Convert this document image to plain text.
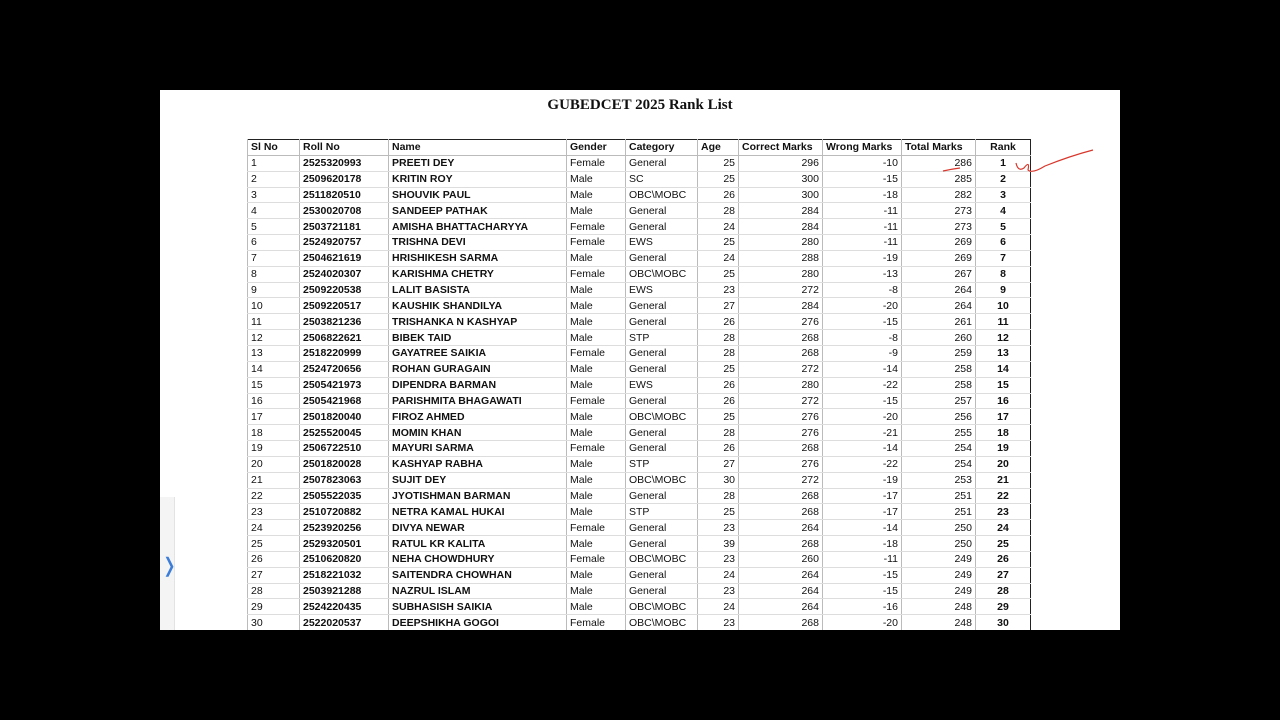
GUBEDCET 2025 Rank List
Sl No	Roll No	Name	Gender	Category	Age	Correct Marks	Wrong Marks	Total Marks	Rank
1	2525320993	PREETI DEY	Female	General	25	296	-10	286	1
2	2509620178	KRITIN ROY	Male	SC	25	300	-15	285	2
3	2511820510	SHOUVIK PAUL	Male	OBC\MOBC	26	300	-18	282	3
4	2530020708	SANDEEP PATHAK	Male	General	28	284	-11	273	4
5	2503721181	AMISHA BHATTACHARYYA	Female	General	24	284	-11	273	5
6	2524920757	TRISHNA DEVI	Female	EWS	25	280	-11	269	6
7	2504621619	HRISHIKESH SARMA	Male	General	24	288	-19	269	7
8	2524020307	KARISHMA CHETRY	Female	OBC\MOBC	25	280	-13	267	8
9	2509220538	LALIT BASISTA	Male	EWS	23	272	-8	264	9
10	2509220517	KAUSHIK SHANDILYA	Male	General	27	284	-20	264	10
11	2503821236	TRISHANKA N KASHYAP	Male	General	26	276	-15	261	11
12	2506822621	BIBEK TAID	Male	STP	28	268	-8	260	12
13	2518220999	GAYATREE SAIKIA	Female	General	28	268	-9	259	13
14	2524720656	ROHAN GURAGAIN	Male	General	25	272	-14	258	14
15	2505421973	DIPENDRA BARMAN	Male	EWS	26	280	-22	258	15
16	2505421968	PARISHMITA BHAGAWATI	Female	General	26	272	-15	257	16
17	2501820040	FIROZ AHMED	Male	OBC\MOBC	25	276	-20	256	17
18	2525520045	MOMIN KHAN	Male	General	28	276	-21	255	18
19	2506722510	MAYURI SARMA	Female	General	26	268	-14	254	19
20	2501820028	KASHYAP RABHA	Male	STP	27	276	-22	254	20
21	2507823063	SUJIT DEY	Male	OBC\MOBC	30	272	-19	253	21
22	2505522035	JYOTISHMAN BARMAN	Male	General	28	268	-17	251	22
23	2510720882	NETRA KAMAL HUKAI	Male	STP	25	268	-17	251	23
24	2523920256	DIVYA NEWAR	Female	General	23	264	-14	250	24
25	2529320501	RATUL KR KALITA	Male	General	39	268	-18	250	25
26	2510620820	NEHA CHOWDHURY	Female	OBC\MOBC	23	260	-11	249	26
27	2518221032	SAITENDRA CHOWHAN	Male	General	24	264	-15	249	27
28	2503921288	NAZRUL ISLAM	Male	General	23	264	-15	249	28
29	2524220435	SUBHASISH SAIKIA	Male	OBC\MOBC	24	264	-16	248	29
30	2522020537	DEEPSHIKHA GOGOI	Female	OBC\MOBC	23	268	-20	248	30
❭
